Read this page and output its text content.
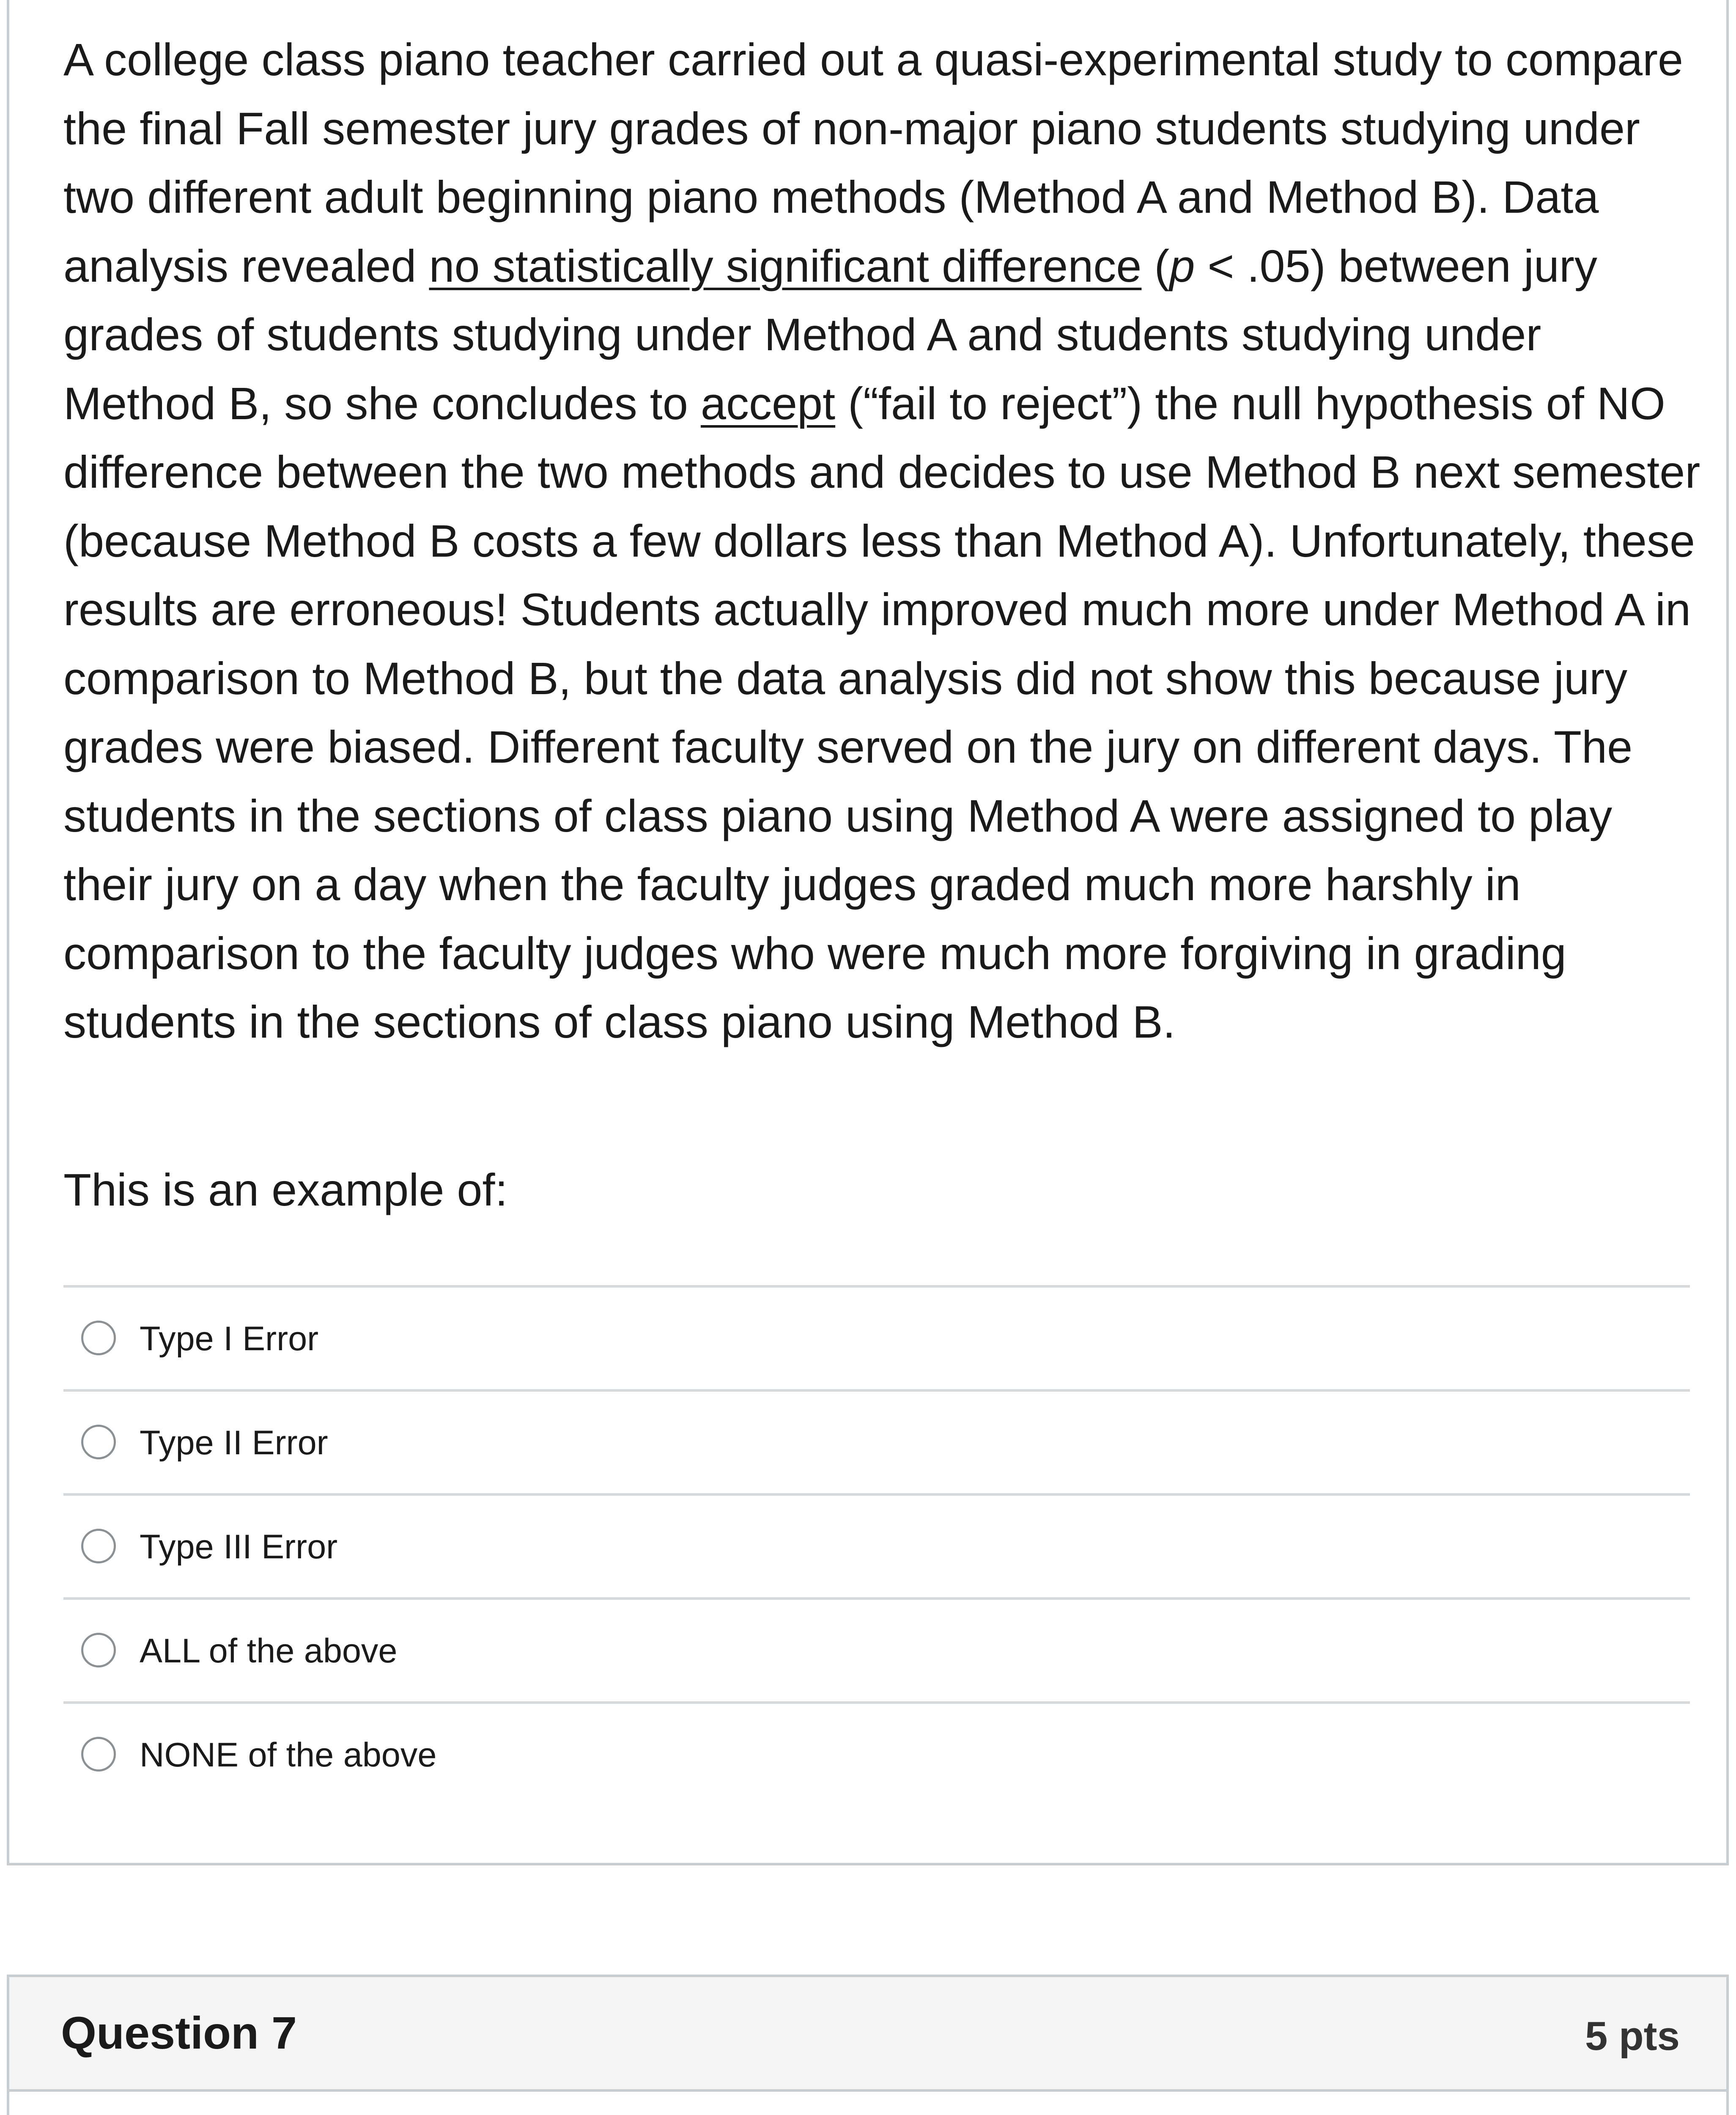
A college class piano teacher carried out a quasi-experimental study to compare the final Fall semester jury grades of non-major piano students studying under two different adult beginning piano methods (Method A and Method B). Data analysis revealed no statistically significant difference (p < .05) between jury grades of students studying under Method A and students studying under Method B, so she concludes to accept (“fail to reject”) the null hypothesis of NO difference between the two methods and decides to use Method B next semester (because Method B costs a few dollars less than Method A). Unfortunately, these results are erroneous! Students actually improved much more under Method A in comparison to Method B, but the data analysis did not show this because jury grades were biased. Different faculty served on the jury on different days. The students in the sections of class piano using Method A were assigned to play their jury on a day when the faculty judges graded much more harshly in comparison to the faculty judges who were much more forgiving in grading students in the sections of class piano using Method B.

This is an example of:

Type I Error
Type II Error
Type III Error
ALL of the above
NONE of the above
Question 7	5 pts
